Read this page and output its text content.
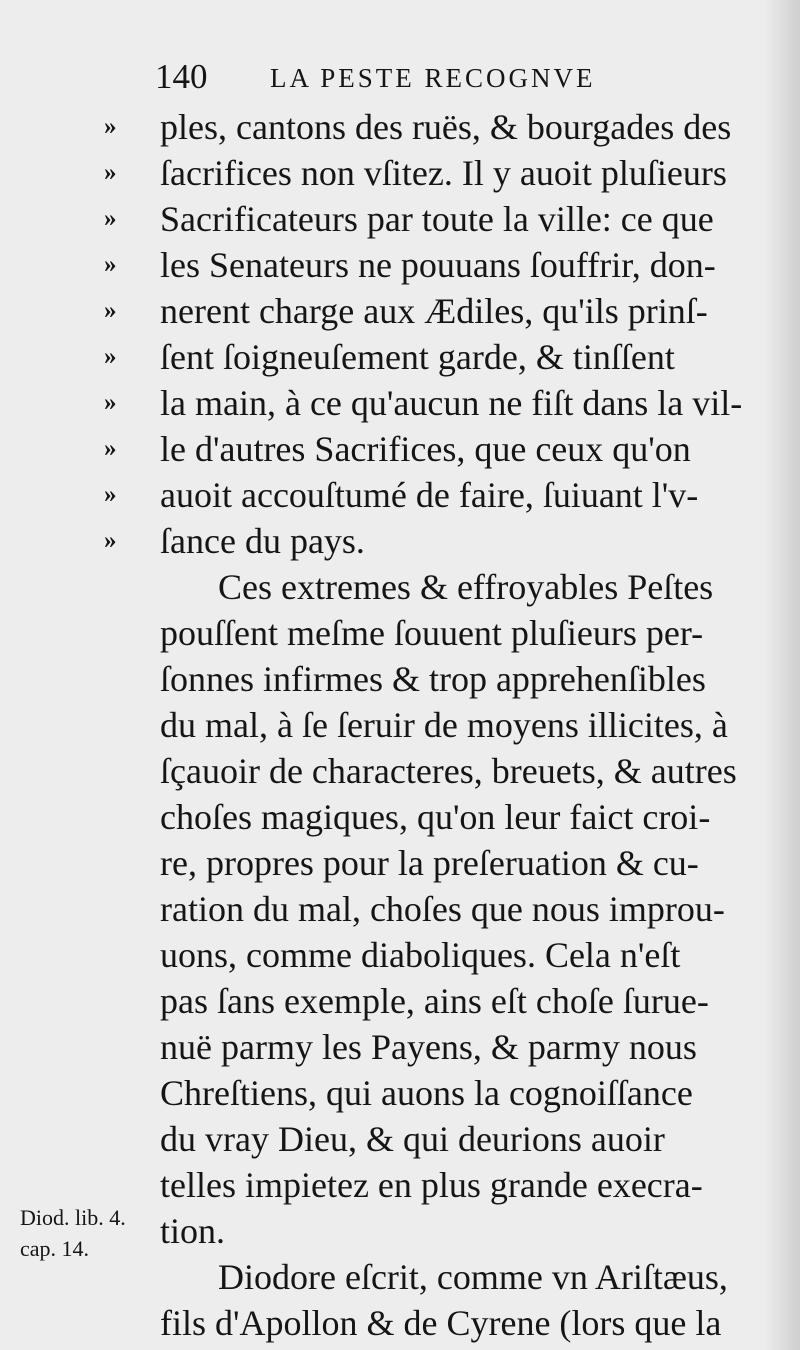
140 LA PESTE RECOGNVE
»
»
»
»
»
»
»
»
»
»
ples, cantons des ruës, & bourgades des
ſacrifices non vſitez. Il y auoit pluſieurs
Sacrificateurs par toute la ville: ce que
les Senateurs ne pouuans ſouffrir, don-
nerent charge aux Ædiles, qu'ils prinſ-
ſent ſoigneuſement garde, & tinſſent
la main, à ce qu'aucun ne fiſt dans la vil-
le d'autres Sacrifices, que ceux qu'on
auoit accouſtumé de faire, ſuiuant l'v-
ſance du pays.
Ces extremes & effroyables Peſtes
pouſſent meſme ſouuent pluſieurs per-
ſonnes infirmes & trop apprehenſibles
du mal, à ſe ſeruir de moyens illicites, à
ſçauoir de characteres, breuets, & autres
choſes magiques, qu'on leur faict croi-
re, propres pour la preſeruation & cu-
ration du mal, choſes que nous improu-
uons, comme diaboliques. Cela n'eſt
pas ſans exemple, ains eſt choſe ſurue-
nuë parmy les Payens, & parmy nous
Chreſtiens, qui auons la cognoiſſance
du vray Dieu, & qui deurions auoir
telles impietez en plus grande execra-
tion.
Diodore eſcrit, comme vn Ariſtæus,
fils d'Apollon & de Cyrene (lors que la
Diod. lib. 4.
cap. 14.
